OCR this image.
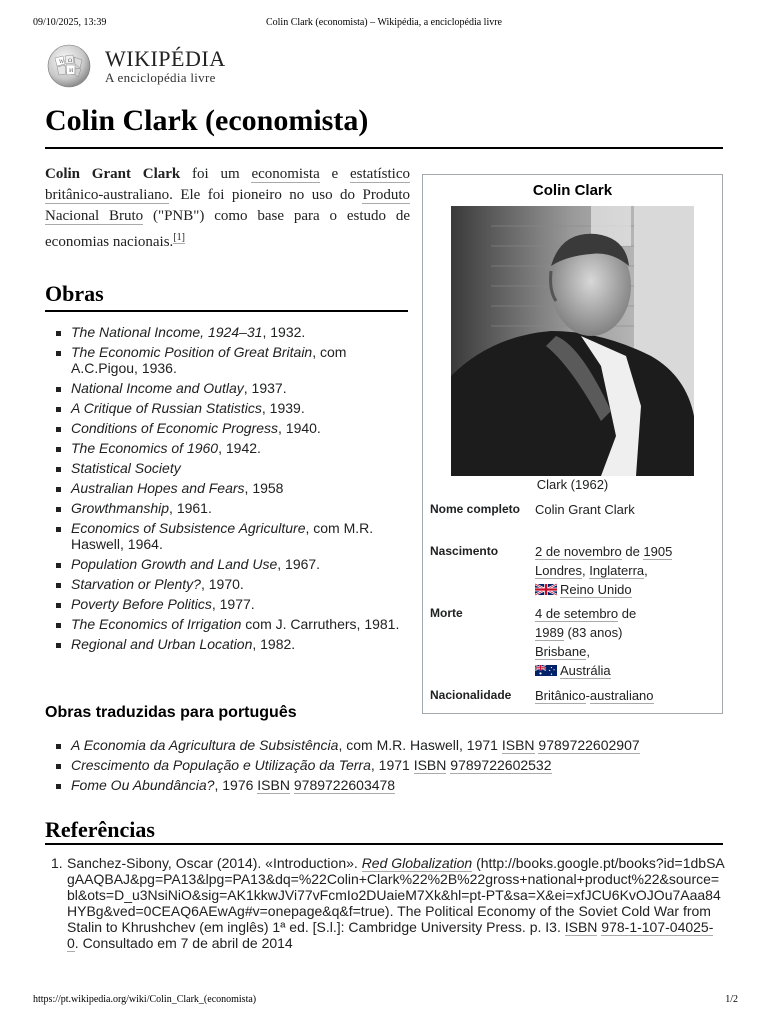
09/10/2025, 13:39	Colin Clark (economista) – Wikipédia, a enciclopédia livre
W Ω
И WIKIPÉDIA
A enciclopédia livre
Colin Clark (economista)

Colin Grant Clark foi um economista e estatístico britânico-australiano. Ele foi pioneiro no uso do Produto Nacional Bruto ("PNB") como base para o estudo de economias nacionais.[1]

Obras
The National Income, 1924–31, 1932.
The Economic Position of Great Britain, com A.C.Pigou, 1936.
National Income and Outlay, 1937.
A Critique of Russian Statistics, 1939.
Conditions of Economic Progress, 1940.
The Economics of 1960, 1942.
Statistical Society
Australian Hopes and Fears, 1958
Growthmanship, 1961.
Economics of Subsistence Agriculture, com M.R. Haswell, 1964.
Population Growth and Land Use, 1967.
Starvation or Plenty?, 1970.
Poverty Before Politics, 1977.
The Economics of Irrigation com J. Carruthers, 1981.
Regional and Urban Location, 1982.
Obras traduzidas para português
A Economia da Agricultura de Subsistência, com M.R. Haswell, 1971 ISBN 9789722602907
Crescimento da População e Utilização da Terra, 1971 ISBN 9789722602532
Fome Ou Abundância?, 1976 ISBN 9789722603478
Referências
1. Sanchez-Sibony, Oscar (2014). «Introduction». Red Globalization (http://books.google.pt/books?id=1dbSAgAAQBAJ&pg=PA13&lpg=PA13&dq=%22Colin+Clark%22%2B%22gross+national+product%22&source=bl&ots=D_u3NsiNiO&sig=AK1kkwJVi77vFcmIo2DUaieM7Xk&hl=pt-PT&sa=X&ei=xfJCU6KvOJOu7Aaa84HYBg&ved=0CEAQ6AEwAg#v=onepage&q&f=true). The Political Economy of the Soviet Cold War from Stalin to Khrushchev (em inglês) 1ª ed. [S.l.]: Cambridge University Press. p. I3. ISBN 978-1-107-04025-0. Consultado em 7 de abril de 2014
Colin Clark
Clark (1962)
Nome completo	Colin Grant Clark
Nascimento	2 de novembro de 1905
Londres, Inglaterra,
Reino Unido
Morte	4 de setembro de
1989 (83 anos)
Brisbane,
Austrália
Nacionalidade	Britânico-australiano
https://pt.wikipedia.org/wiki/Colin_Clark_(economista)	1/2
